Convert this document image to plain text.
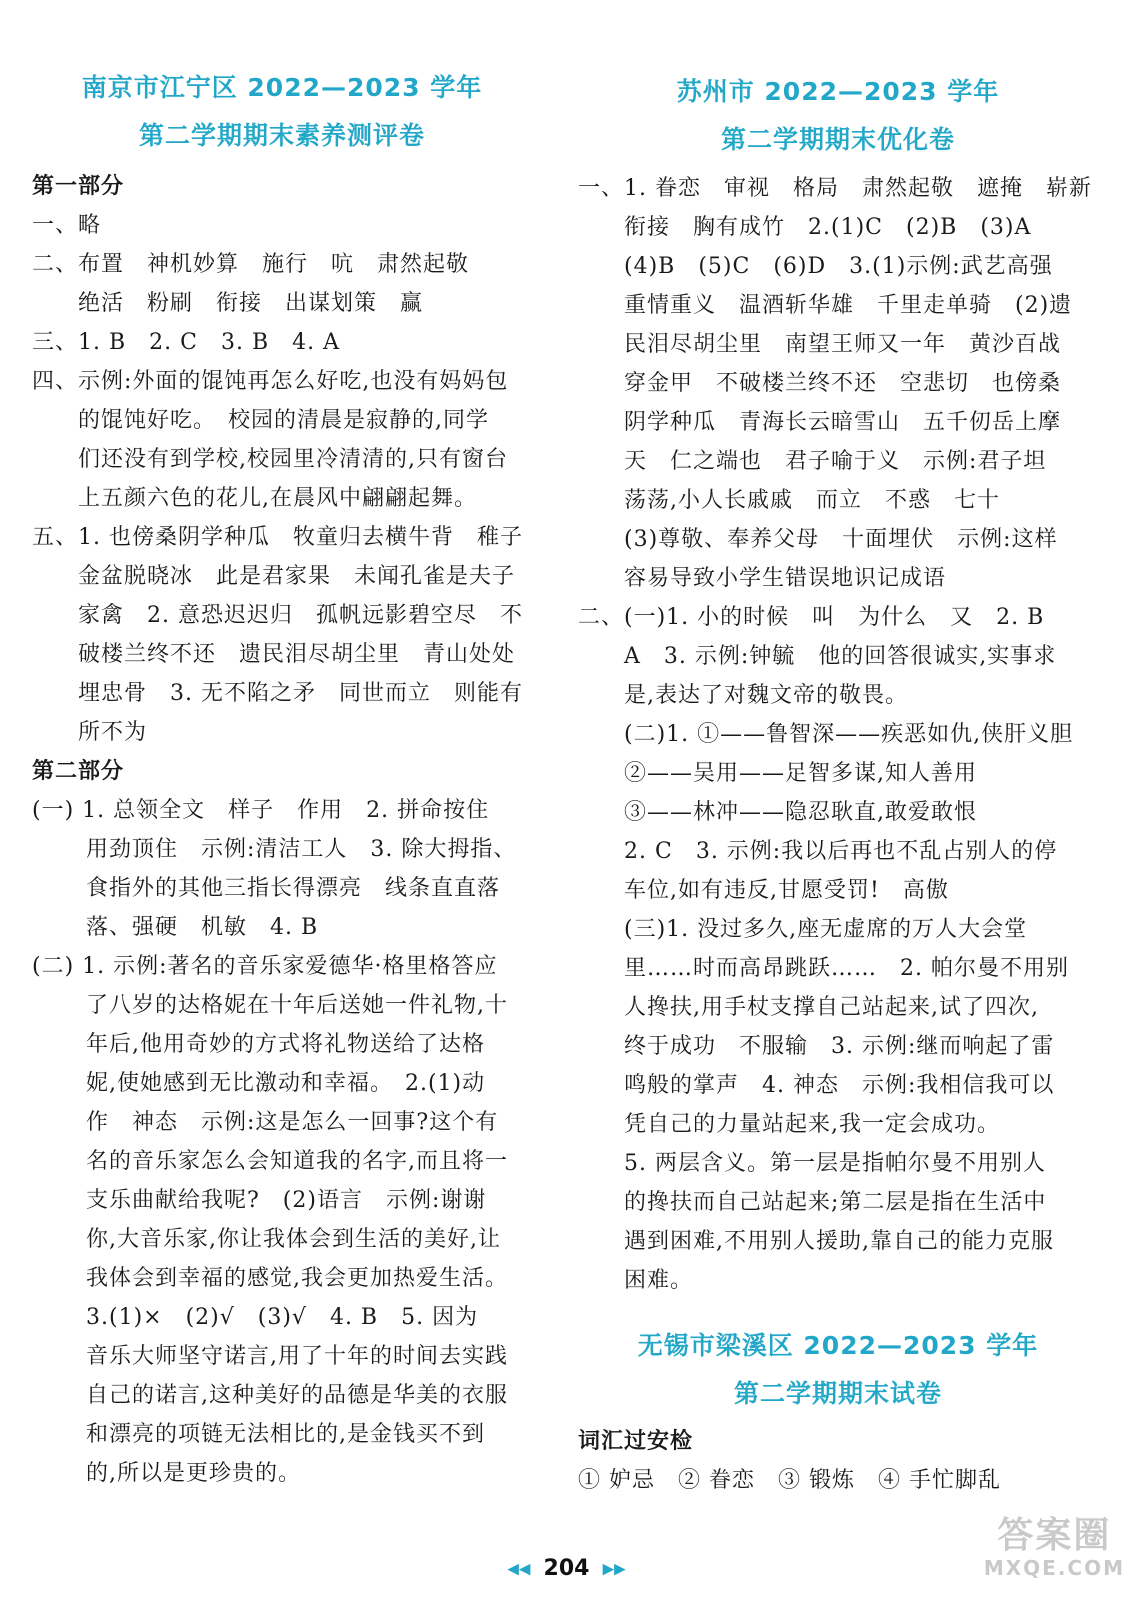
南京市江宁区 2022—2023 学年
第二学期期末素养测评卷
第一部分
一、略
二、布置　神机妙算　施行　吭　肃然起敬
　　绝活　粉刷　衔接　出谋划策　赢
三、1. B　2. C　3. B　4. A
四、示例:外面的馄饨再怎么好吃,也没有妈妈包
　　的馄饨好吃。　校园的清晨是寂静的,同学
　　们还没有到学校,校园里冷清清的,只有窗台
　　上五颜六色的花儿,在晨风中翩翩起舞。
五、1. 也傍桑阴学种瓜　牧童归去横牛背　稚子
　　金盆脱晓冰　此是君家果　未闻孔雀是夫子
　　家禽　2. 意恐迟迟归　孤帆远影碧空尽　不
　　破楼兰终不还　遗民泪尽胡尘里　青山处处
　　埋忠骨　3. 无不陷之矛　同世而立　则能有
　　所不为
第二部分
(一) 1. 总领全文　样子　作用　2. 拼命按住
　　 用劲顶住　示例:清洁工人　3. 除大拇指、
　　 食指外的其他三指长得漂亮　线条直直落
　　 落、强硬　机敏　4. B
(二) 1. 示例:著名的音乐家爱德华·格里格答应
　　 了八岁的达格妮在十年后送她一件礼物,十
　　 年后,他用奇妙的方式将礼物送给了达格
　　 妮,使她感到无比激动和幸福。　2.(1)动
　　 作　神态　示例:这是怎么一回事?这个有
　　 名的音乐家怎么会知道我的名字,而且将一
　　 支乐曲献给我呢?　(2)语言　示例:谢谢
　　 你,大音乐家,你让我体会到生活的美好,让
　　 我体会到幸福的感觉,我会更加热爱生活。
　　 3.(1)×　(2)√　(3)√　4. B　5. 因为
　　 音乐大师坚守诺言,用了十年的时间去实践
　　 自己的诺言,这种美好的品德是华美的衣服
　　 和漂亮的项链无法相比的,是金钱买不到
　　 的,所以是更珍贵的。
苏州市 2022—2023 学年
第二学期期末优化卷
一、1. 眷恋　审视　格局　肃然起敬　遮掩　崭新
　　衔接　胸有成竹　2.(1)C　(2)B　(3)A
　　(4)B　(5)C　(6)D　3.(1)示例:武艺高强
　　重情重义　温酒斩华雄　千里走单骑　(2)遗
　　民泪尽胡尘里　南望王师又一年　黄沙百战
　　穿金甲　不破楼兰终不还　空悲切　也傍桑
　　阴学种瓜　青海长云暗雪山　五千仞岳上摩
　　天　仁之端也　君子喻于义　示例:君子坦
　　荡荡,小人长戚戚　而立　不惑　七十
　　(3)尊敬、奉养父母　十面埋伏　示例:这样
　　容易导致小学生错误地识记成语
二、(一)1. 小的时候　叫　为什么　又　2. B
　　A　3. 示例:钟毓　他的回答很诚实,实事求
　　是,表达了对魏文帝的敬畏。
　　(二)1. ①——鲁智深——疾恶如仇,侠肝义胆
　　②——吴用——足智多谋,知人善用
　　③——林冲——隐忍耿直,敢爱敢恨
　　2. C　3. 示例:我以后再也不乱占别人的停
　　车位,如有违反,甘愿受罚!　高傲
　　(三)1. 没过多久,座无虚席的万人大会堂
　　里……时而高昂跳跃……　2. 帕尔曼不用别
　　人搀扶,用手杖支撑自己站起来,试了四次,
　　终于成功　不服输　3. 示例:继而响起了雷
　　鸣般的掌声　4. 神态　示例:我相信我可以
　　凭自己的力量站起来,我一定会成功。
　　5. 两层含义。第一层是指帕尔曼不用别人
　　的搀扶而自己站起来;第二层是指在生活中
　　遇到困难,不用别人援助,靠自己的能力克服
　　困难。
无锡市梁溪区 2022—2023 学年
第二学期期末试卷
词汇过安检
① 妒忌　② 眷恋　③ 锻炼　④ 手忙脚乱
◀◀ 204 ▶▶
答案圈
MXQE.COM
